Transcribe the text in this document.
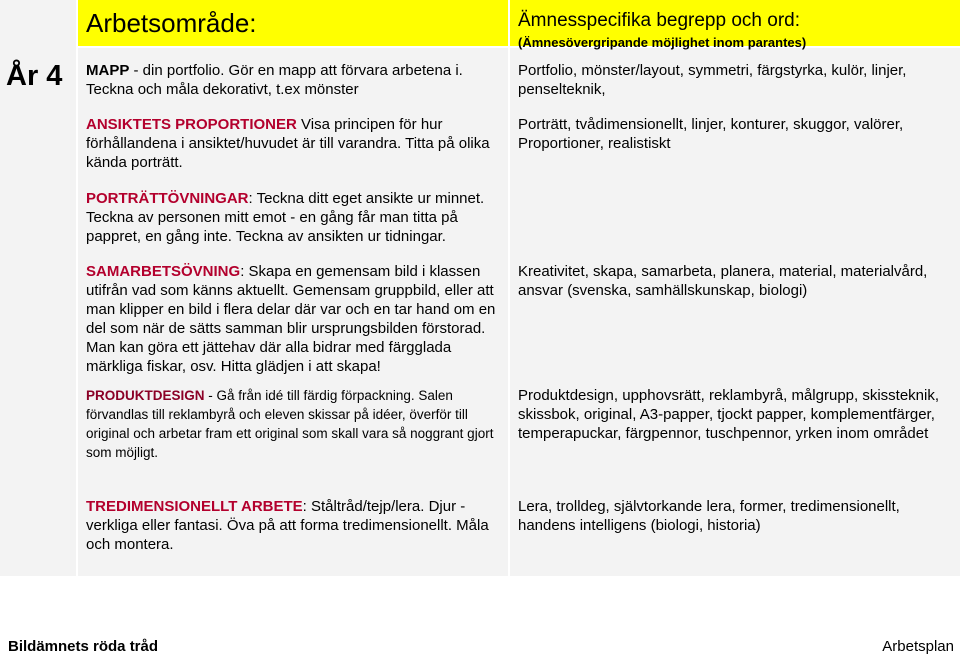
År 4
Arbetsområde:	Ämnesspecifika begrepp och ord:
(Ämnesövergripande möjlighet inom parantes)

MAPP - din portfolio. Gör en mapp att förvara arbetena i. Teckna och måla dekorativt, t.ex mönster

Portfolio, mönster/layout, symmetri, färgstyrka, kulör, linjer, penselteknik,

ANSIKTETS PROPORTIONER Visa principen för hur förhållandena i ansiktet/huvudet är till varandra. Titta på olika kända porträtt.

Porträtt, tvådimensionellt, linjer, konturer, skuggor, valörer, Proportioner, realistiskt

PORTRÄTTÖVNINGAR: Teckna ditt eget ansikte ur minnet. Teckna av personen mitt emot - en gång får man titta på pappret, en gång inte. Teckna av ansikten ur tidningar.

SAMARBETSÖVNING: Skapa en gemensam bild i klassen utifrån vad som känns aktuellt. Gemensam gruppbild, eller att man klipper en bild i flera delar där var och en tar hand om en del som när de sätts samman blir ursprungsbilden förstorad. Man kan göra ett jättehav där alla bidrar med färgglada märkliga fiskar, osv. Hitta glädjen i att skapa!

Kreativitet, skapa, samarbeta, planera, material, materialvård, ansvar (svenska, samhällskunskap, biologi)

PRODUKTDESIGN - Gå från idé till färdig förpackning. Salen förvandlas till reklambyrå och eleven skissar på idéer, överför till original och arbetar fram ett original som skall vara så noggrant gjort som möjligt.

Produktdesign, upphovsrätt, reklambyrå, målgrupp, skissteknik, skissbok, original, A3-papper, tjockt papper, komplementfärger, temperapuckar, färgpennor, tuschpennor, yrken inom området

TREDIMENSIONELLT ARBETE: Ståltråd/tejp/lera. Djur - verkliga eller fantasi. Öva på att forma tredimensionellt. Måla och montera.

Lera, trolldeg, självtorkande lera, former, tredimensionellt, handens intelligens (biologi, historia)

Bildämnets röda tråd	Arbetsplan
